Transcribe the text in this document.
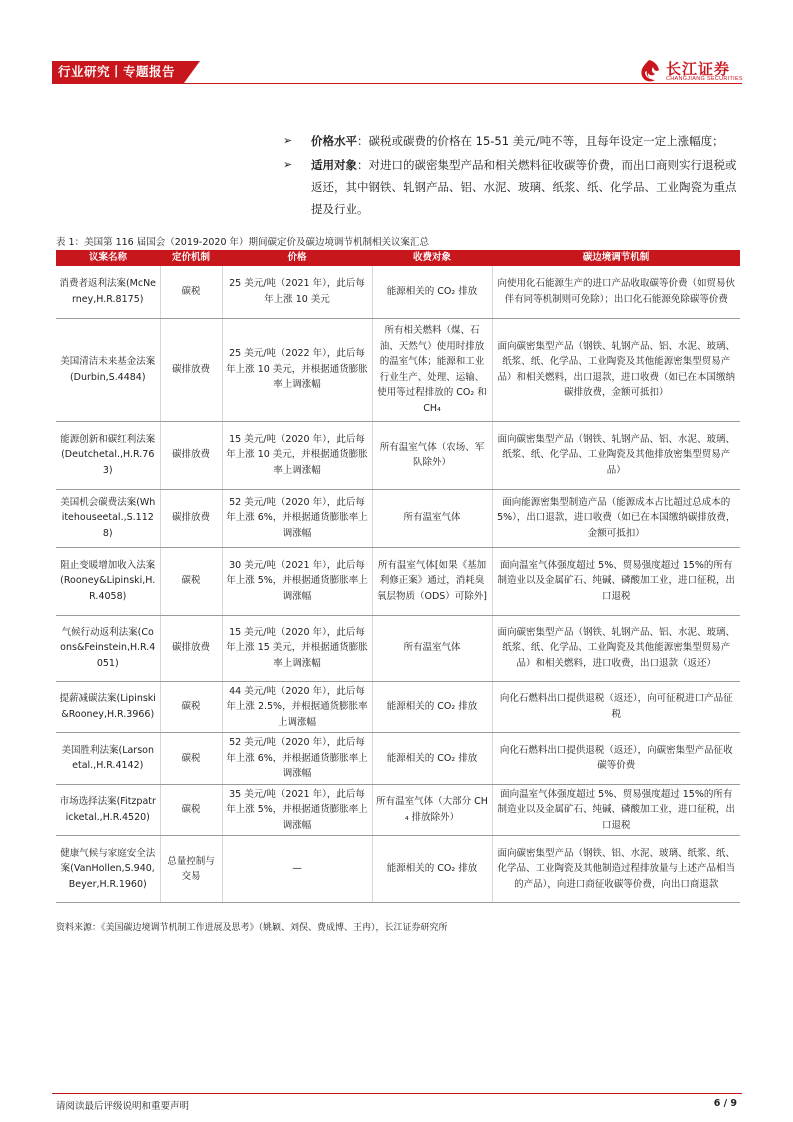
行业研究丨专题报告	长江证券
CHANGJIANG SECURITIES
➢ 价格水平：碳税或碳费的价格在 15-51 美元/吨不等，且每年设定一定上涨幅度；
➢ 适用对象：对进口的碳密集型产品和相关燃料征收碳等价费，而出口商则实行退税或返还，其中钢铁、轧钢产品、铝、水泥、玻璃、纸浆、纸、化学品、工业陶瓷为重点提及行业。
表 1：美国第 116 届国会（2019-2020 年）期间碳定价及碳边境调节机制相关议案汇总
议案名称	定价机制	价格	收费对象	碳边境调节机制
消费者返利法案(McNerney,H.R.8175)	碳税	25 美元/吨（2021 年），此后每年上涨 10 美元	能源相关的 CO₂ 排放	向使用化石能源生产的进口产品收取碳等价费（如贸易伙伴有同等机制则可免除）；出口化石能源免除碳等价费
美国清洁未来基金法案(Durbin,S.4484)	碳排放费	25 美元/吨（2022 年），此后每年上涨 10 美元，并根据通货膨胀率上调涨幅	所有相关燃料（煤、石油、天然气）使用时排放的温室气体；能源和工业行业生产、处理、运输、使用等过程排放的 CO₂ 和 CH₄	面向碳密集型产品（钢铁、轧钢产品、铝、水泥、玻璃、纸浆、纸、化学品、工业陶瓷及其他能源密集型贸易产品）和相关燃料，出口退款，进口收费（如已在本国缴纳碳排放费，金额可抵扣）
能源创新和碳红利法案(Deutchetal.,H.R.763)	碳排放费	15 美元/吨（2020 年），此后每年上涨 10 美元，并根据通货膨胀率上调涨幅	所有温室气体（农场、军队除外）	面向碳密集型产品（钢铁、轧钢产品、铝、水泥、玻璃、纸浆、纸、化学品、工业陶瓷及其他排放密集型贸易产品）
美国机会碳费法案(Whitehouseetal.,S.1128)	碳排放费	52 美元/吨（2020 年），此后每年上涨 6%，并根据通货膨胀率上调涨幅	所有温室气体	面向能源密集型制造产品（能源成本占比超过总成本的 5%），出口退款，进口收费（如已在本国缴纳碳排放费，金额可抵扣）
阻止变暖增加收入法案(Rooney&Lipinski,H.R.4058)	碳税	30 美元/吨（2021 年），此后每年上涨 5%，并根据通货膨胀率上调涨幅	所有温室气体[如果《基加利修正案》通过，消耗臭氧层物质（ODS）可除外]	面向温室气体强度超过 5%、贸易强度超过 15%的所有制造业以及金属矿石、纯碱、磷酸加工业，进口征税，出口退税
气候行动返利法案(Coons&Feinstein,H.R.4051)	碳排放费	15 美元/吨（2020 年），此后每年上涨 15 美元，并根据通货膨胀率上调涨幅	所有温室气体	面向碳密集型产品（钢铁、轧钢产品、铝、水泥、玻璃、纸浆、纸、化学品、工业陶瓷及其他能源密集型贸易产品）和相关燃料，进口收费，出口退款（返还）
提薪减碳法案(Lipinski&Rooney,H.R.3966)	碳税	44 美元/吨（2020 年），此后每年上涨 2.5%，并根据通货膨胀率上调涨幅	能源相关的 CO₂ 排放	向化石燃料出口提供退税（返还），向可征税进口产品征税
美国胜利法案(Larsonetal.,H.R.4142)	碳税	52 美元/吨（2020 年），此后每年上涨 6%，并根据通货膨胀率上调涨幅	能源相关的 CO₂ 排放	向化石燃料出口提供退税（返还），向碳密集型产品征收碳等价费
市场选择法案(Fitzpatricketal.,H.R.4520)	碳税	35 美元/吨（2021 年），此后每年上涨 5%，并根据通货膨胀率上调涨幅	所有温室气体（大部分 CH₄ 排放除外）	面向温室气体强度超过 5%、贸易强度超过 15%的所有制造业以及金属矿石、纯碱、磷酸加工业，进口征税，出口退税
健康气候与家庭安全法案(VanHollen,S.940,Beyer,H.R.1960)	总量控制与交易	—	能源相关的 CO₂ 排放	面向碳密集型产品（钢铁、铝、水泥、玻璃、纸浆、纸、化学品、工业陶瓷及其他制造过程排放量与上述产品相当的产品），向进口商征收碳等价费，向出口商退款
资料来源：《美国碳边境调节机制工作进展及思考》（姚颖、刘俣、费成博、王冉），长江证券研究所
请阅读最后评级说明和重要声明	6 / 9
